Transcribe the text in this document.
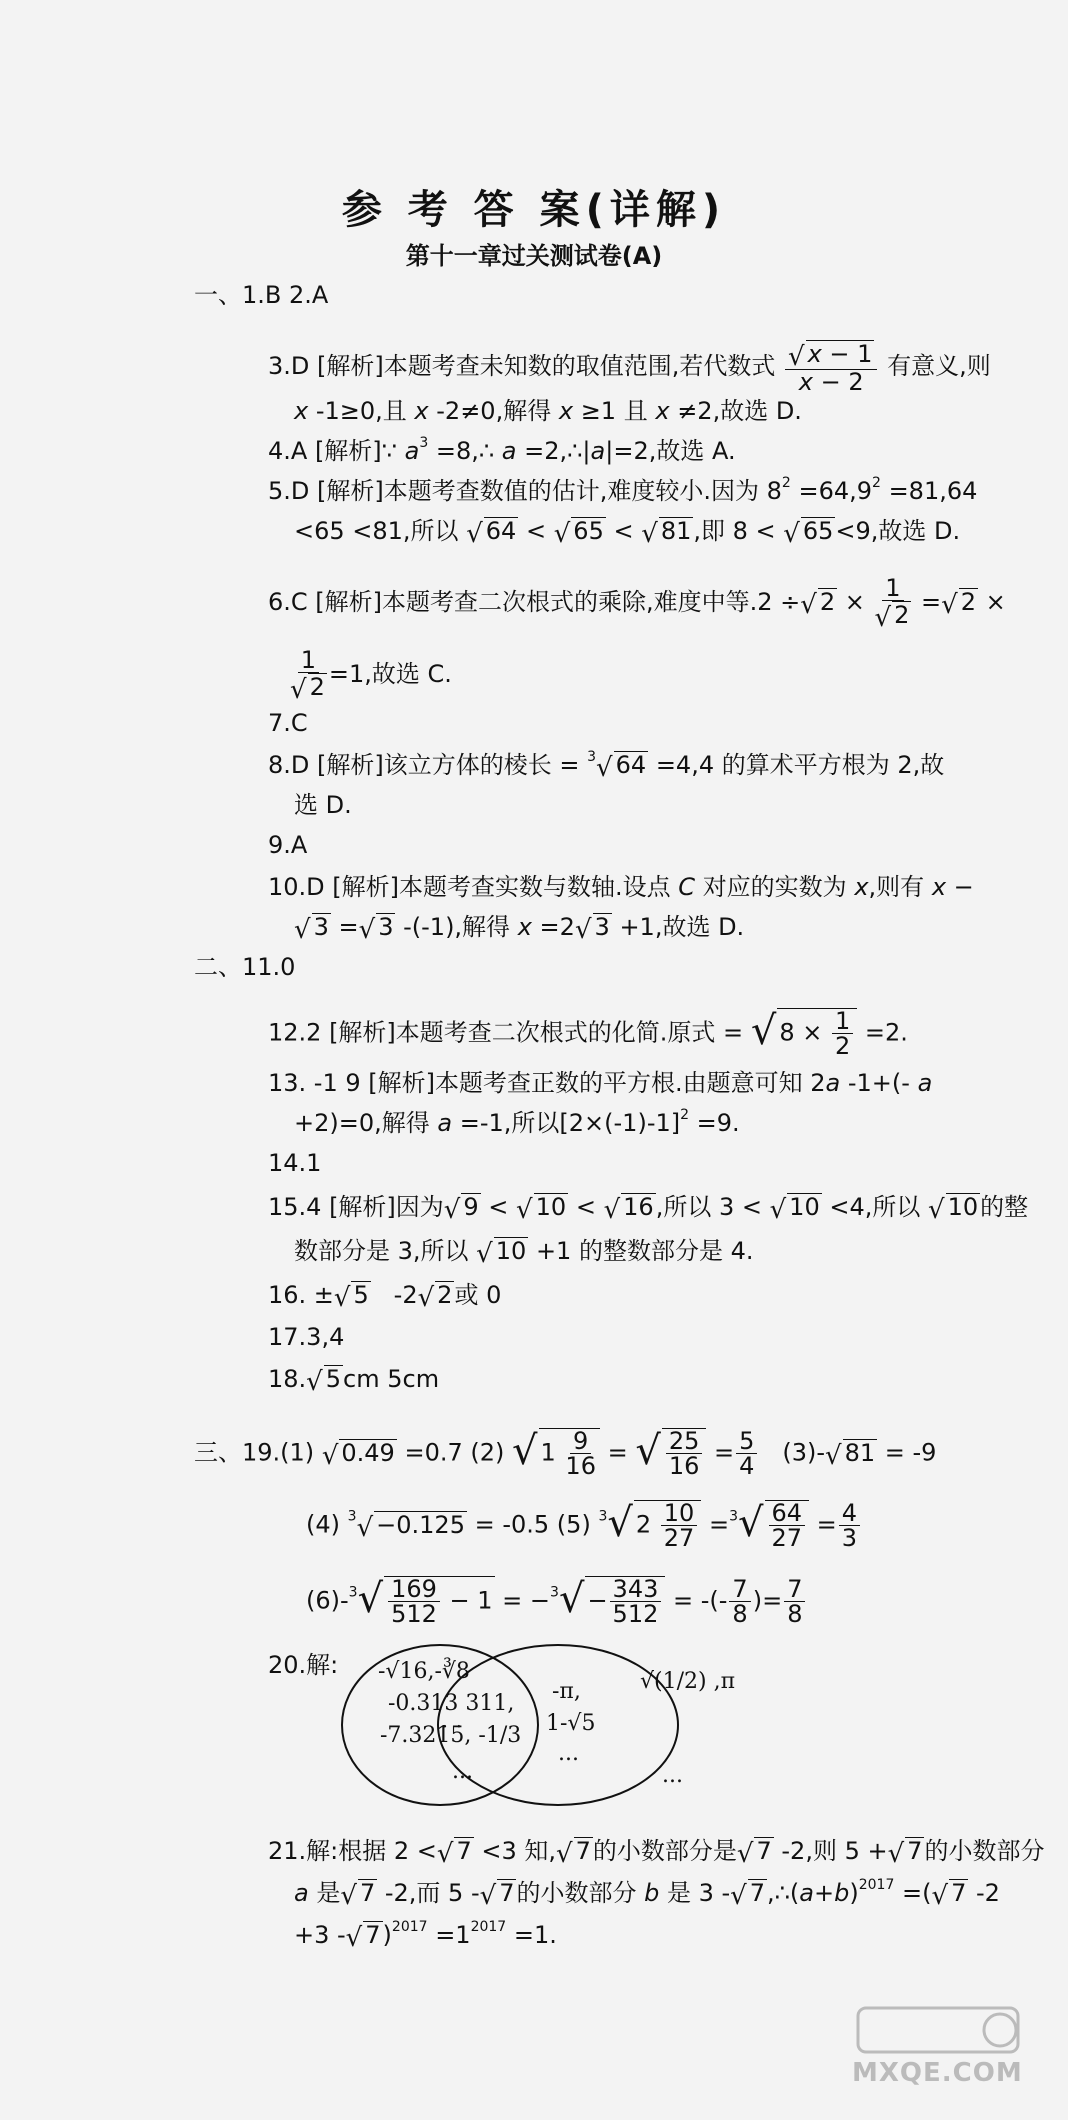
参 考 答 案(详解)
第十一章过关测试卷(A)
一、1.B 2.A
3.D [解析]本题考查未知数的取值范围,若代数式 $\frac{√ x - 1}{x - 2}$ 有意义,则
x -1≥0,且 x -2≠0,解得 x ≥1 且 x ≠2,故选 D.
4.A [解析]∵ $a^3$ =8,∴ a =2,∴|a|=2,故选 A.
5.D [解析]本题考查数值的估计,难度较小.因为 $8^2 =64,9^2 =81,64$
<65 <81,所以 √ 64 < √ 65 < √ 81,即 8 < √ 65<9,故选 D.
6.C [解析]本题考查二次根式的乘除,难度中等.2 ÷√ $2 \times \frac{1}{√ 2}$ =√ 2 ×
$\frac{1}{√ 2} =1$,故选 C.
7.C
8.D [解析]该立方体的棱长 = $^3$√ 64 =4,4 的算术平方根为 2,故
选 D.
9.A
10.D [解析]本题考查实数与数轴.设点 C 对应的实数为 x,则有 x −
√ 3 =√ 3 -(-1),解得 x =2√ 3 +1,故选 D.
二、11.0
12.2 [解析]本题考查二次根式的化简.原式 = √ $8 \times \frac{1}{2} =2$.
13. -1 9 [解析]本题考查正数的平方根.由题意可知 2a -1+(- a
+2)=0,解得 a =-1,所以$[2\times(-1)-1]^2 =9$.
14.1
15.4 [解析]因为√ 9 < √ 10 < √ 16,所以 3 < √ 10 <4,所以 √ 10的整
数部分是 3,所以 √ 10 +1 的整数部分是 4.
16. ±√ 5 -2√ 2或 0
17.3,4
18.√ 5cm 5cm
三、19.(1) √ 0.49 =0.7 (2) √ $1 \frac{9}{16}$ = √ $\frac{25}{16} = \frac{5}{4} (3)-√$ 81 = -9
(4) $^3$√ −0.125 = -0.5 (5) $^3$√ $2 \frac{10}{27} =^3√ \frac{64}{27} = \frac{4}{3}$
$(6)-^3√ \frac{169}{512} - 1 = -^3√ - \frac{343}{512}$ = -(- $\frac{7}{8}$ )= $\frac{7}{8}$
20.解: -√16,-∛8
-0.313 311,
-7.321̇5̇, -1/3
...
-π,
1-√5
...
√(1/2) ,π
...
21.解:根据 2 <√ 7 <3 知,√ 7的小数部分是√ 7 -2,则 5 +√ 7的小数部分
a 是√ 7 -2,而 5 -√ 7的小数部分 b 是 3 -√ $7,\therefore(a+b)^{2017}$ =(√ 7 -2
+3 -√ $7)^{2017} =1^{2017} =1$.
MXQE.COM
